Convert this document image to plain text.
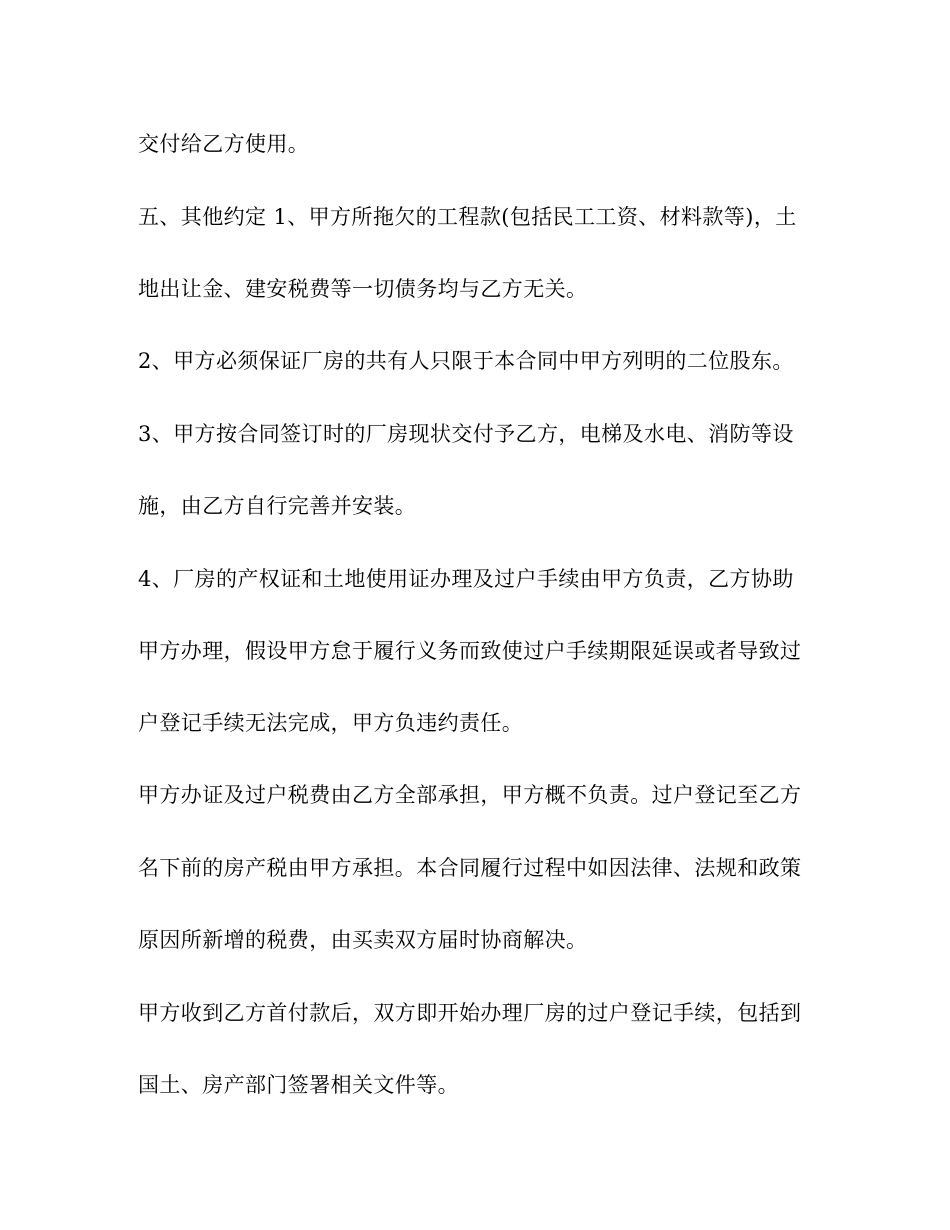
交付给乙方使用。
五、其他约定 1、甲方所拖欠的工程款(包括民工工资、材料款等)，土
地出让金、建安税费等一切债务均与乙方无关。
2、甲方必须保证厂房的共有人只限于本合同中甲方列明的二位股东。
3、甲方按合同签订时的厂房现状交付予乙方，电梯及水电、消防等设
施，由乙方自行完善并安装。
4、厂房的产权证和土地使用证办理及过户手续由甲方负责，乙方协助
甲方办理，假设甲方怠于履行义务而致使过户手续期限延误或者导致过
户登记手续无法完成，甲方负违约责任。
甲方办证及过户税费由乙方全部承担，甲方概不负责。过户登记至乙方
名下前的房产税由甲方承担。本合同履行过程中如因法律、法规和政策
原因所新增的税费，由买卖双方届时协商解决。
甲方收到乙方首付款后，双方即开始办理厂房的过户登记手续，包括到
国土、房产部门签署相关文件等。
